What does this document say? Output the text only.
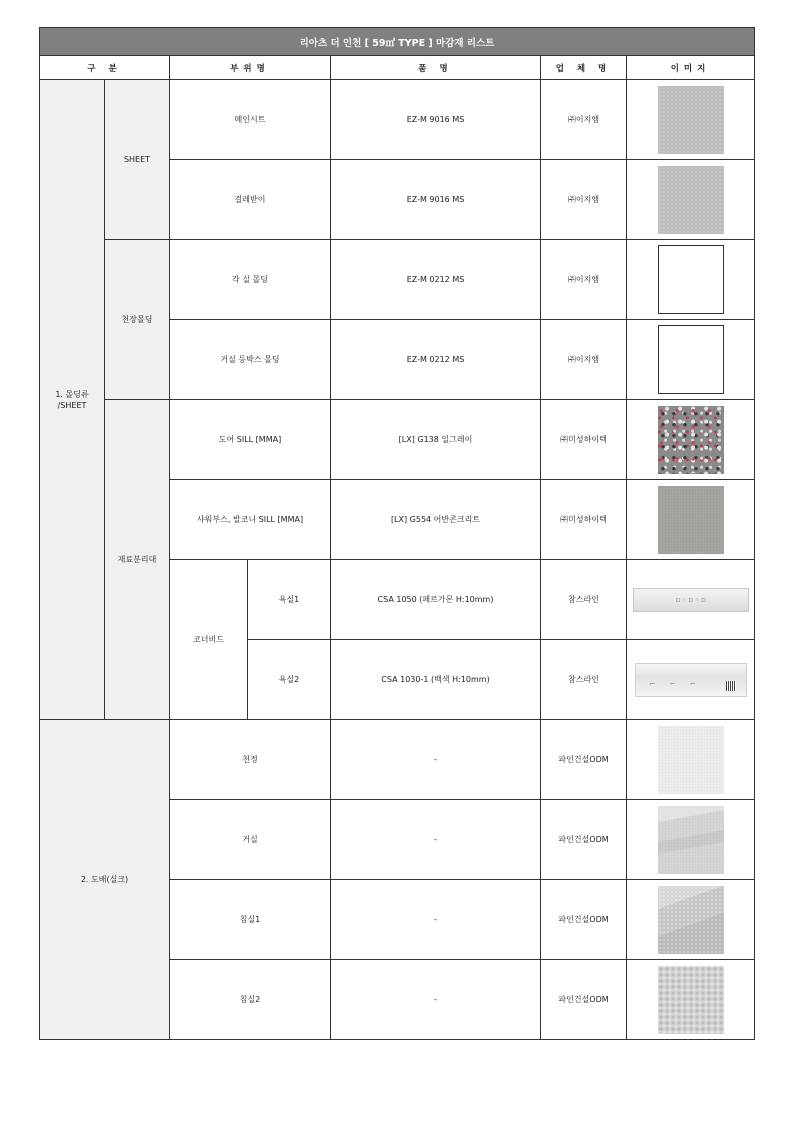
리아츠 더 인천 [ 59㎡ TYPE ] 마감재 리스트						
구 분		부위명		품 명	업 체 명	이미지
1. 몰딩류 /SHEET	SHEET	메인시트		EZ-M 9016 MS	㈜이지엠	

		걸레받이		EZ-M 9016 MS	㈜이지엠	

	천장몰딩	각 실 몰딩		EZ-M 0212 MS	㈜이지엠	

		거실 등박스 몰딩		EZ-M 0212 MS	㈜이지엠	

	재료분리대	도어 SILL [MMA]		[LX] G138 일그레이	㈜미성하이텍	

		샤워부스, 발코니 SILL [MMA]		[LX] G554 어반콘크리트	㈜미성하이텍	

		코너비드	욕실1	CSA 1050 (페르가몬 H:10mm)	참스라인	▫◦▫◦▫

			욕실2	CSA 1030-1 (백색 H:10mm)	참스라인	⌐ ⌐ ⌐

2. 도배(실크)		천정		-	파인건설ODM	

		거실		-	파인건설ODM	

		침실1		-	파인건설ODM	

		침실2		-	파인건설ODM	
